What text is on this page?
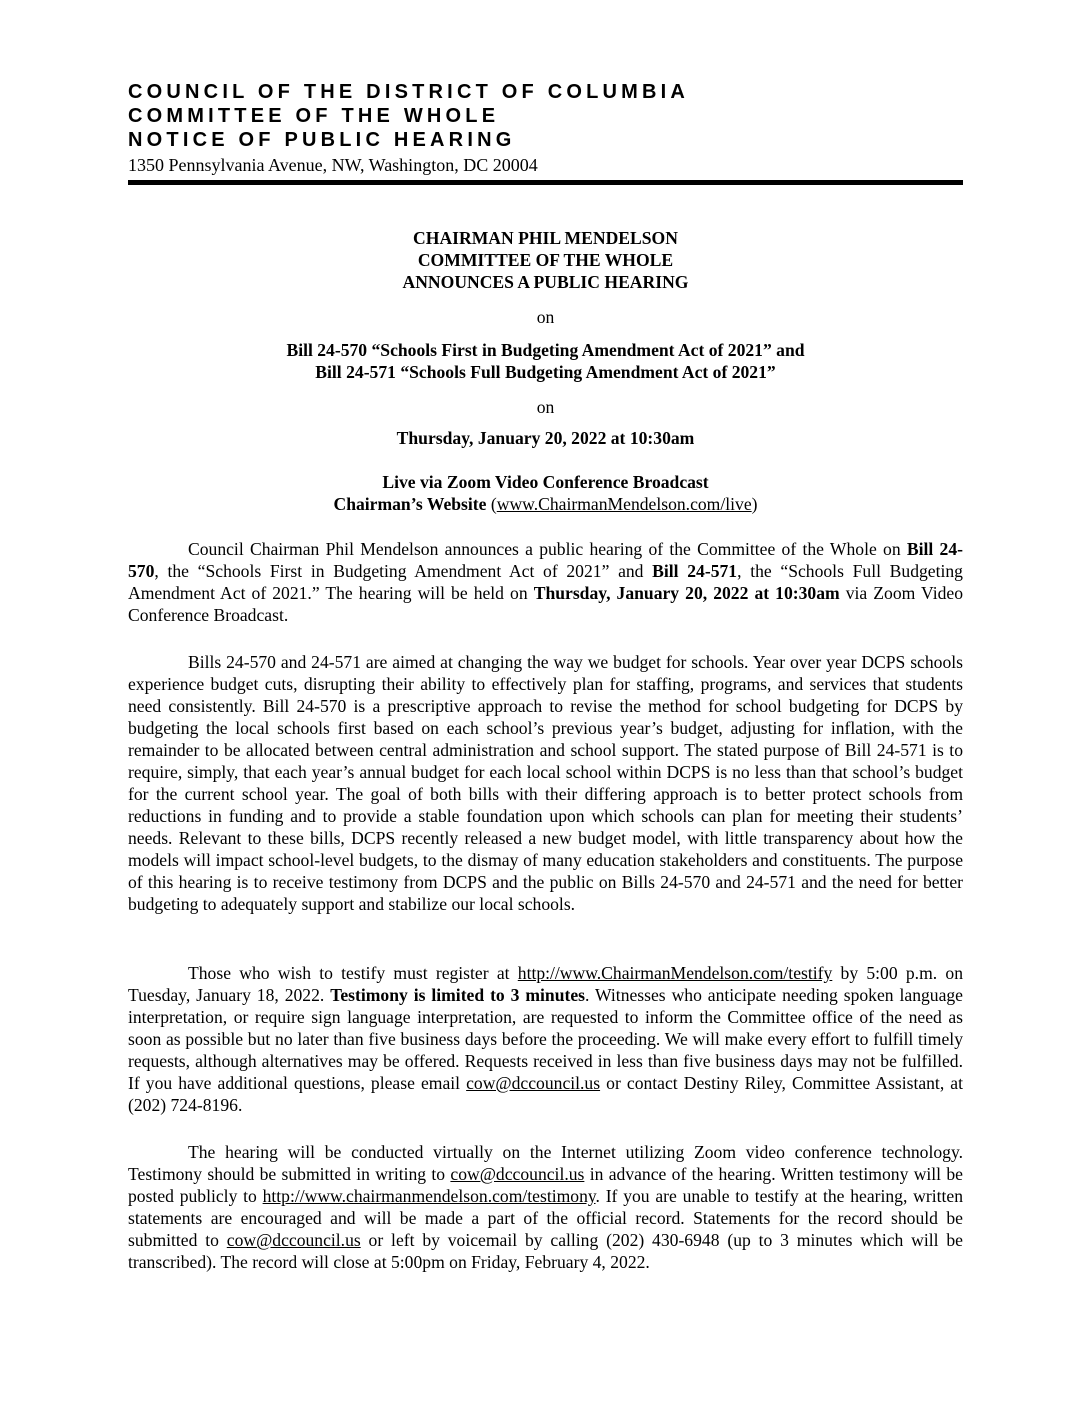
COUNCIL OF THE DISTRICT OF COLUMBIA

COMMITTEE OF THE WHOLE

NOTICE OF PUBLIC HEARING

1350 Pennsylvania Avenue, NW, Washington, DC 20004

CHAIRMAN PHIL MENDELSON

COMMITTEE OF THE WHOLE

ANNOUNCES A PUBLIC HEARING

on

Bill 24-570 “Schools First in Budgeting Amendment Act of 2021” and

Bill 24-571 “Schools Full Budgeting Amendment Act of 2021”

on

Thursday, January 20, 2022 at 10:30am

Live via Zoom Video Conference Broadcast

Chairman’s Website (www.ChairmanMendelson.com/live)

Council Chairman Phil Mendelson announces a public hearing of the Committee of the Whole on Bill 24-570, the “Schools First in Budgeting Amendment Act of 2021” and Bill 24-571, the “Schools Full Budgeting Amendment Act of 2021.” The hearing will be held on Thursday, January 20, 2022 at 10:30am via Zoom Video Conference Broadcast.

Bills 24-570 and 24-571 are aimed at changing the way we budget for schools. Year over year DCPS schools experience budget cuts, disrupting their ability to effectively plan for staffing, programs, and services that students need consistently. Bill 24-570 is a prescriptive approach to revise the method for school budgeting for DCPS by budgeting the local schools first based on each school’s previous year’s budget, adjusting for inflation, with the remainder to be allocated between central administration and school support. The stated purpose of Bill 24-571 is to require, simply, that each year’s annual budget for each local school within DCPS is no less than that school’s budget for the current school year. The goal of both bills with their differing approach is to better protect schools from reductions in funding and to provide a stable foundation upon which schools can plan for meeting their students’ needs. Relevant to these bills, DCPS recently released a new budget model, with little transparency about how the models will impact school-level budgets, to the dismay of many education stakeholders and constituents. The purpose of this hearing is to receive testimony from DCPS and the public on Bills 24-570 and 24-571 and the need for better budgeting to adequately support and stabilize our local schools.

Those who wish to testify must register at http://www.ChairmanMendelson.com/testify by 5:00 p.m. on Tuesday, January 18, 2022. Testimony is limited to 3 minutes. Witnesses who anticipate needing spoken language interpretation, or require sign language interpretation, are requested to inform the Committee office of the need as soon as possible but no later than five business days before the proceeding. We will make every effort to fulfill timely requests, although alternatives may be offered. Requests received in less than five business days may not be fulfilled. If you have additional questions, please email cow@dccouncil.us or contact Destiny Riley, Committee Assistant, at (202) 724-8196.

The hearing will be conducted virtually on the Internet utilizing Zoom video conference technology. Testimony should be submitted in writing to cow@dccouncil.us in advance of the hearing. Written testimony will be posted publicly to http://www.chairmanmendelson.com/testimony. If you are unable to testify at the hearing, written statements are encouraged and will be made a part of the official record. Statements for the record should be submitted to cow@dccouncil.us or left by voicemail by calling (202) 430-6948 (up to 3 minutes which will be transcribed). The record will close at 5:00pm on Friday, February 4, 2022.
